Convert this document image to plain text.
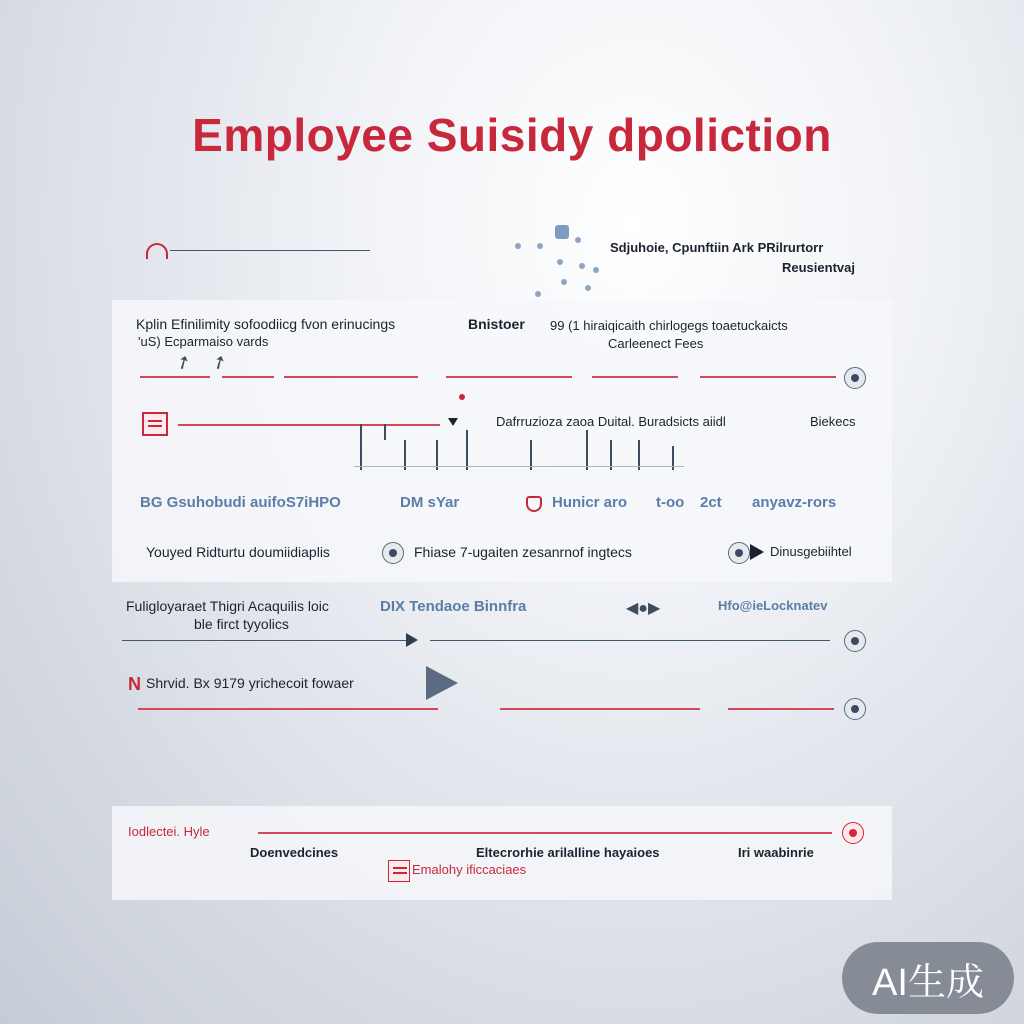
Employee Suisidy dpoliction
Sdjuhoie, Cpunftiin Ark PRilrurtorr
Reusientvaj
Kplin Efinilimity sofoodiicg fvon erinucings
'uS) Ecparmaiso vards
Bnistoer 99 (1 hiraiqicaith chirlogegs toaetuckaicts
Carleenect Fees
➚ ➚
Dafrruzioza zaoa Duital. Buradsicts aiidl	Biekecs
BG Gsuhobudi auifoS7iHPO	DM sYar	Hunicr aro t-oo 2ct anyavz-rors
Youyed Ridturtu doumiidiaplis	Fhiase 7-ugaiten zesanrnof ingtecs	Dinusgebiihtel
Fuligloyaraet Thigri Acaquilis loic
ble firct tyyolics
DIX Tendaoe Binnfra	◀●▶	Hfo@ieLocknatev
N Shrvid. Bx 9179 yrichecoit fowaer
Iodlectei. Hyle
Doenvedcines	Eltecrorhie arilalline hayaioes	Iri waabinrie
Emalohy ificcaciaes
AI生成
